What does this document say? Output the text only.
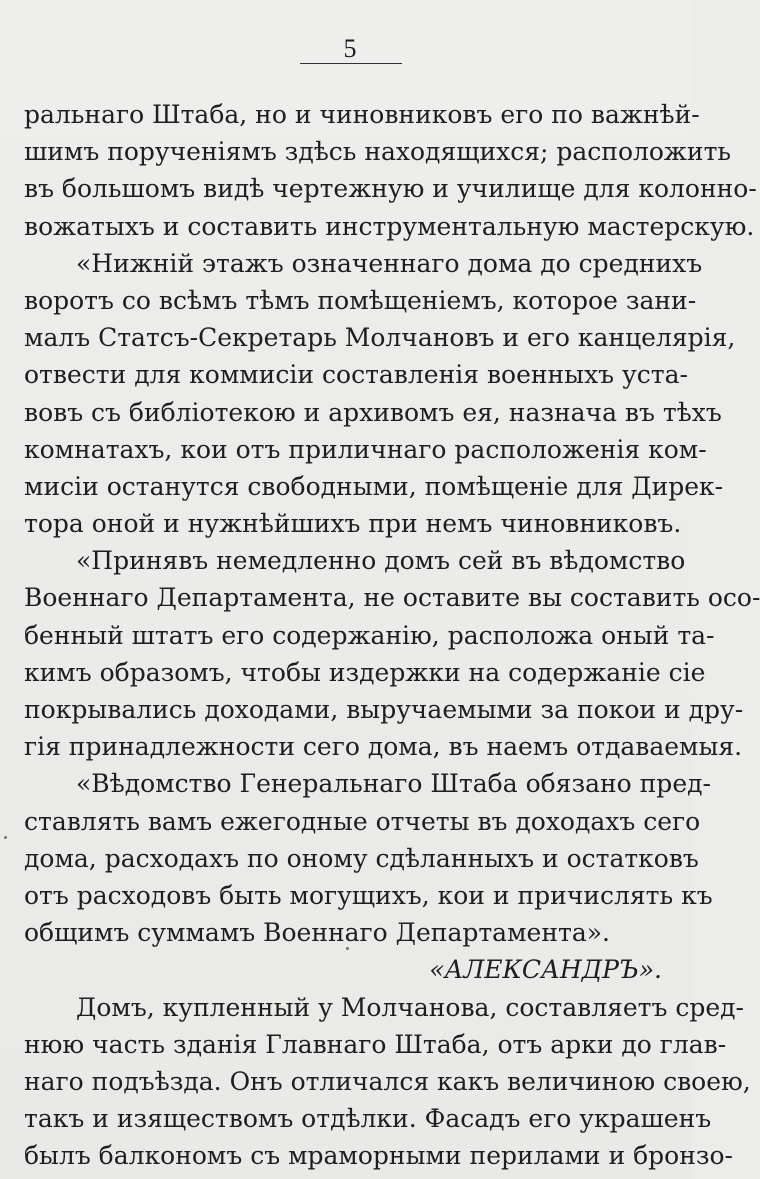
5
ральнаго Штаба, но и чиновниковъ его по важнѣй-
шимъ порученіямъ здѣсь находящихся; расположить
въ большомъ видѣ чертежную и училище для колонно-
вожатыхъ и составить инструментальную мастерскую.
«Нижній этажъ означеннаго дома до среднихъ
воротъ со всѣмъ тѣмъ помѣщеніемъ, которое зани-
малъ Статсъ-Секретарь Молчановъ и его канцелярія,
отвести для коммисіи составленія военныхъ уста-
вовъ съ библіотекою и архивомъ ея, назнача въ тѣхъ
комнатахъ, кои отъ приличнаго расположенія ком-
мисіи останутся свободными, помѣщеніе для Дирек-
тора оной и нужнѣйшихъ при немъ чиновниковъ.
«Принявъ немедленно домъ сей въ вѣдомство
Военнаго Департамента, не оставите вы составить осо-
бенный штатъ его содержанію, расположа оный та-
кимъ образомъ, чтобы издержки на содержаніе сіе
покрывались доходами, выручаемыми за покои и дру-
гія принадлежности сего дома, въ наемъ отдаваемыя.
«Вѣдомство Генеральнаго Штаба обязано пред-
ставлять вамъ ежегодные отчеты въ доходахъ сего
дома, расходахъ по оному сдѣланныхъ и остатковъ
отъ расходовъ быть могущихъ, кои и причислять къ
общимъ суммамъ Военнаго Департамента».
«АЛЕКСАНДРЪ».
Домъ, купленный у Молчанова, составляетъ сред-
нюю часть зданія Главнаго Штаба, отъ арки до глав-
наго подъѣзда. Онъ отличался какъ величиною своею,
такъ и изяществомъ отдѣлки. Фасадъ его украшенъ
былъ балкономъ съ мраморными перилами и бронзо-
